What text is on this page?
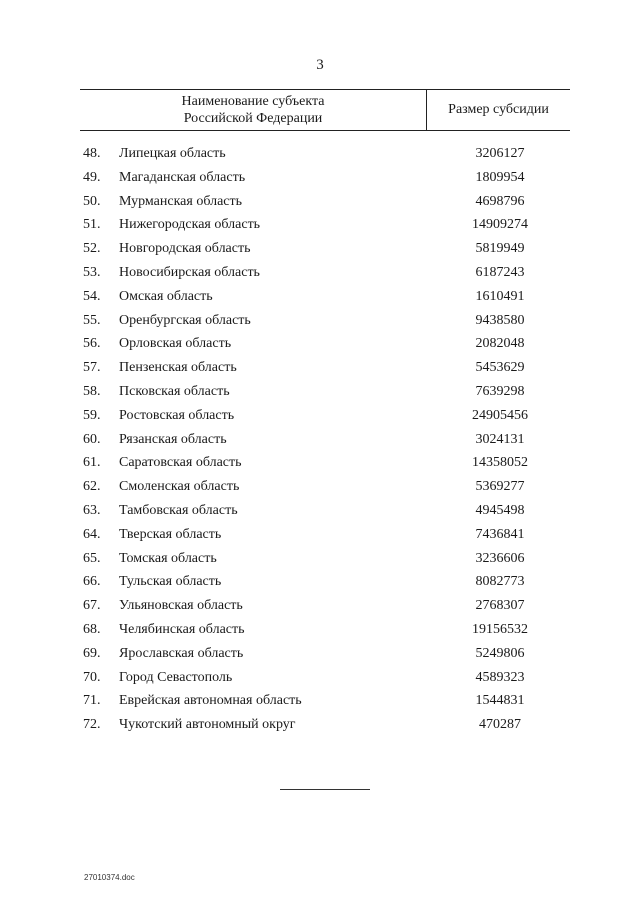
3
Наименование субъекта
Российской Федерации
Размер субсидии
48.	Липецкая область	3206127
49.	Магаданская область	1809954
50.	Мурманская область	4698796
51.	Нижегородская область	14909274
52.	Новгородская область	5819949
53.	Новосибирская область	6187243
54.	Омская область	1610491
55.	Оренбургская область	9438580
56.	Орловская область	2082048
57.	Пензенская область	5453629
58.	Псковская область	7639298
59.	Ростовская область	24905456
60.	Рязанская область	3024131
61.	Саратовская область	14358052
62.	Смоленская область	5369277
63.	Тамбовская область	4945498
64.	Тверская область	7436841
65.	Томская область	3236606
66.	Тульская область	8082773
67.	Ульяновская область	2768307
68.	Челябинская область	19156532
69.	Ярославская область	5249806
70.	Город Севастополь	4589323
71.	Еврейская автономная область	1544831
72.	Чукотский автономный округ	470287
27010374.doc
